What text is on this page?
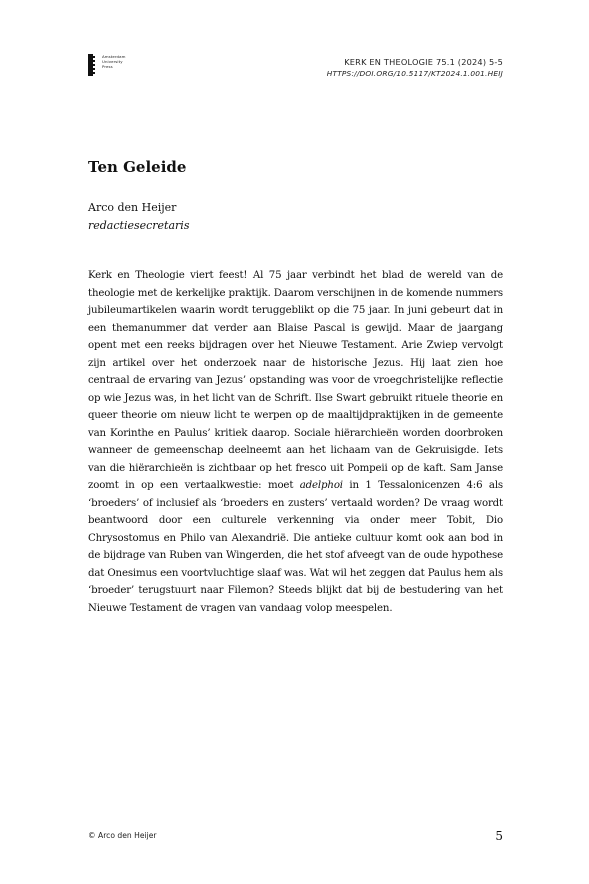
Amsterdam
University
Press	KERK EN THEOLOGIE 75.1 (2024) 5-5
HTTPS://DOI.ORG/10.5117/KT2024.1.001.HEIJ
Ten Geleide
Arco den Heijer
redactiesecretaris

Kerk en Theologie viert feest! Al 75 jaar verbindt het blad de wereld van de theologie met de kerkelijke praktijk. Daarom verschijnen in de komende nummers jubileumartikelen waarin wordt teruggeblikt op die 75 jaar. In juni gebeurt dat in een themanummer dat verder aan Blaise Pascal is gewijd. Maar de jaargang opent met een reeks bijdragen over het Nieuwe Testament. Arie Zwiep vervolgt zijn artikel over het onderzoek naar de historische Jezus. Hij laat zien hoe centraal de ervaring van Jezus’ opstanding was voor de vroegchristelijke reflectie op wie Jezus was, in het licht van de Schrift. Ilse Swart gebruikt rituele theorie en queer theorie om nieuw licht te werpen op de maaltijdpraktijken in de gemeente van Korinthe en Paulus’ kritiek daarop. Sociale hiërarchieën worden doorbroken wanneer de gemeenschap deelneemt aan het lichaam van de Gekruisigde. Iets van die hiërarchieën is zichtbaar op het fresco uit Pompeii op de kaft. Sam Janse zoomt in op een vertaalkwestie: moet adelphoi in 1 Tessalonicenzen 4:6 als ‘broeders’ of inclusief als ‘broeders en zusters’ vertaald worden? De vraag wordt beantwoord door een culturele verkenning via onder meer Tobit, Dio Chrysostomus en Philo van Alexandrië. Die antieke cultuur komt ook aan bod in de bijdrage van Ruben van Wingerden, die het stof afveegt van de oude hypothese dat Onesimus een voortvluchtige slaaf was. Wat wil het zeggen dat Paulus hem als ‘broeder’ terugstuurt naar Filemon? Steeds blijkt dat bij de bestudering van het Nieuwe Testament de vragen van vandaag volop meespelen.

© Arco den Heijer	5
